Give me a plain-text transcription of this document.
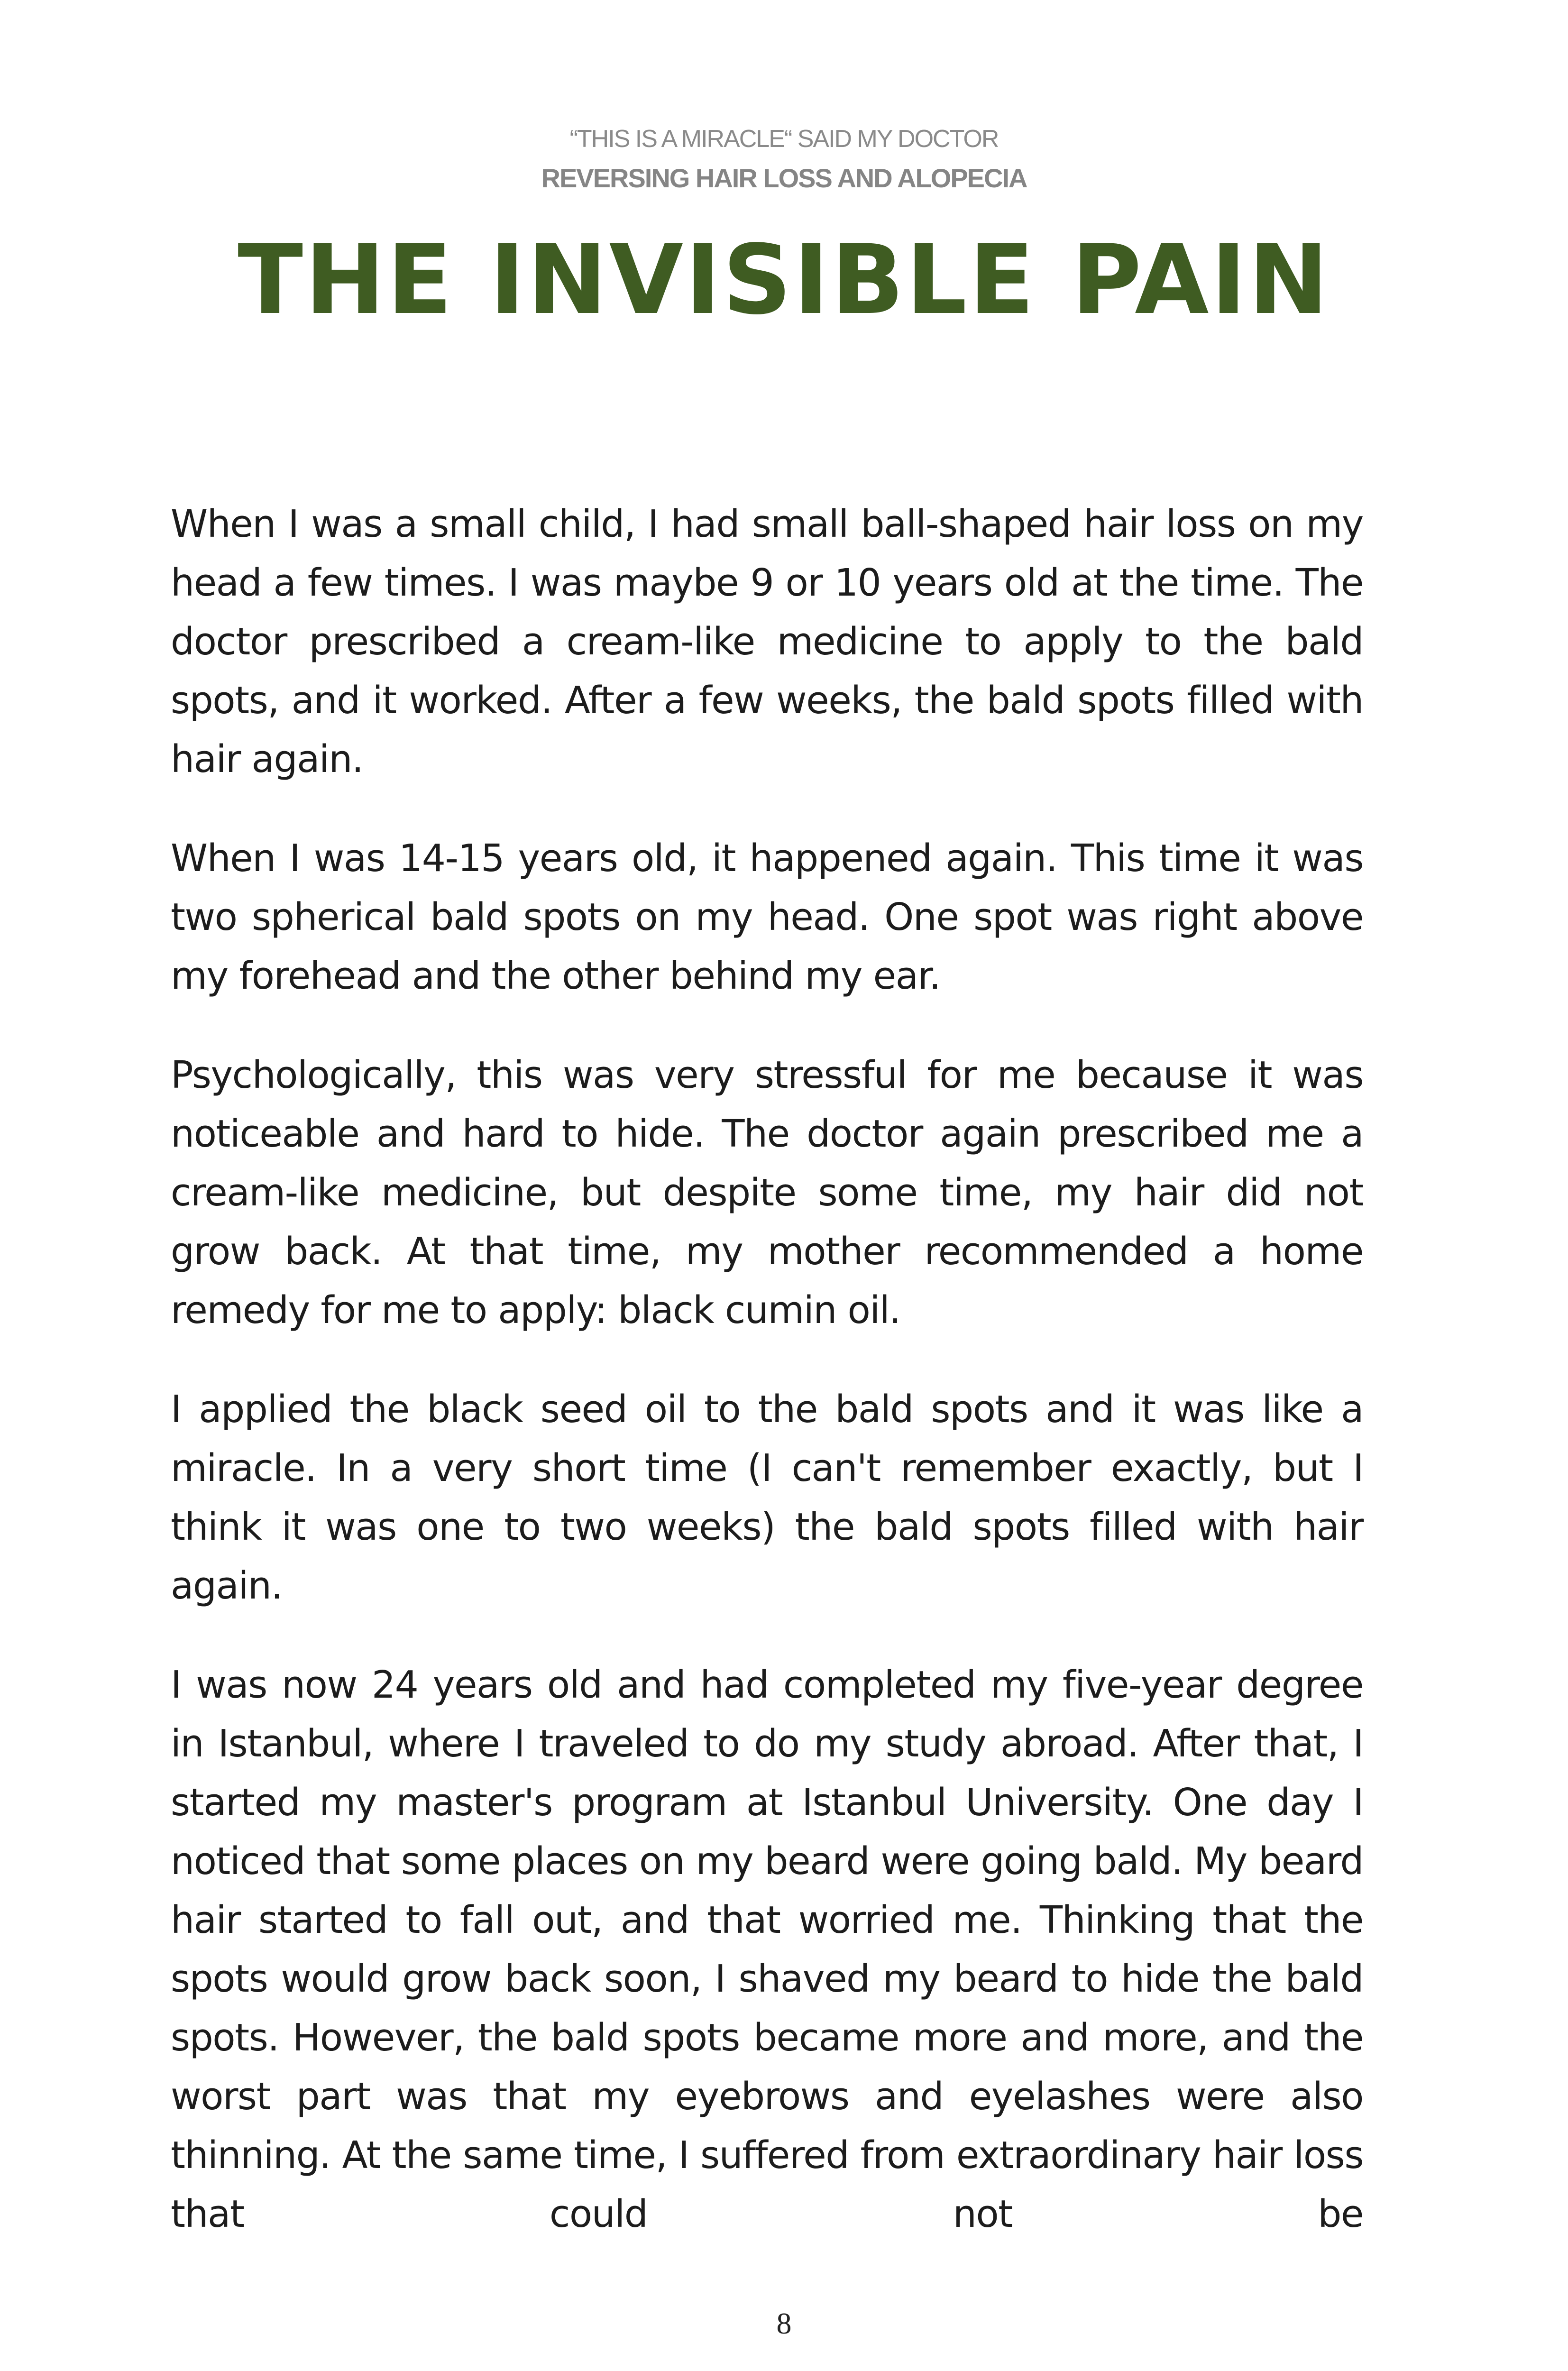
“THIS IS A MIRACLE“ SAID MY DOCTOR
REVERSING HAIR LOSS AND ALOPECIA
THE INVISIBLE PAIN

When I was a small child, I had small ball-shaped hair loss on my head a few times. I was maybe 9 or 10 years old at the time. The doctor prescribed a cream-like medicine to apply to the bald spots, and it worked. After a few weeks, the bald spots filled with hair again.

When I was 14-15 years old, it happened again. This time it was two spherical bald spots on my head. One spot was right above my forehead and the other behind my ear.

Psychologically, this was very stressful for me because it was noticeable and hard to hide. The doctor again prescribed me a cream-like medicine, but despite some time, my hair did not grow back. At that time, my mother recommended a home remedy for me to apply: black cumin oil.

I applied the black seed oil to the bald spots and it was like a miracle. In a very short time (I can't remember exactly, but I think it was one to two weeks) the bald spots filled with hair again.

I was now 24 years old and had completed my five-year degree in Istanbul, where I traveled to do my study abroad. After that, I started my master's program at Istanbul University. One day I noticed that some places on my beard were going bald. My beard hair started to fall out, and that worried me. Thinking that the spots would grow back soon, I shaved my beard to hide the bald spots. However, the bald spots became more and more, and the worst part was that my eyebrows and eyelashes were also thinning. At the same time, I suffered from extraordinary hair loss that could not be

8
